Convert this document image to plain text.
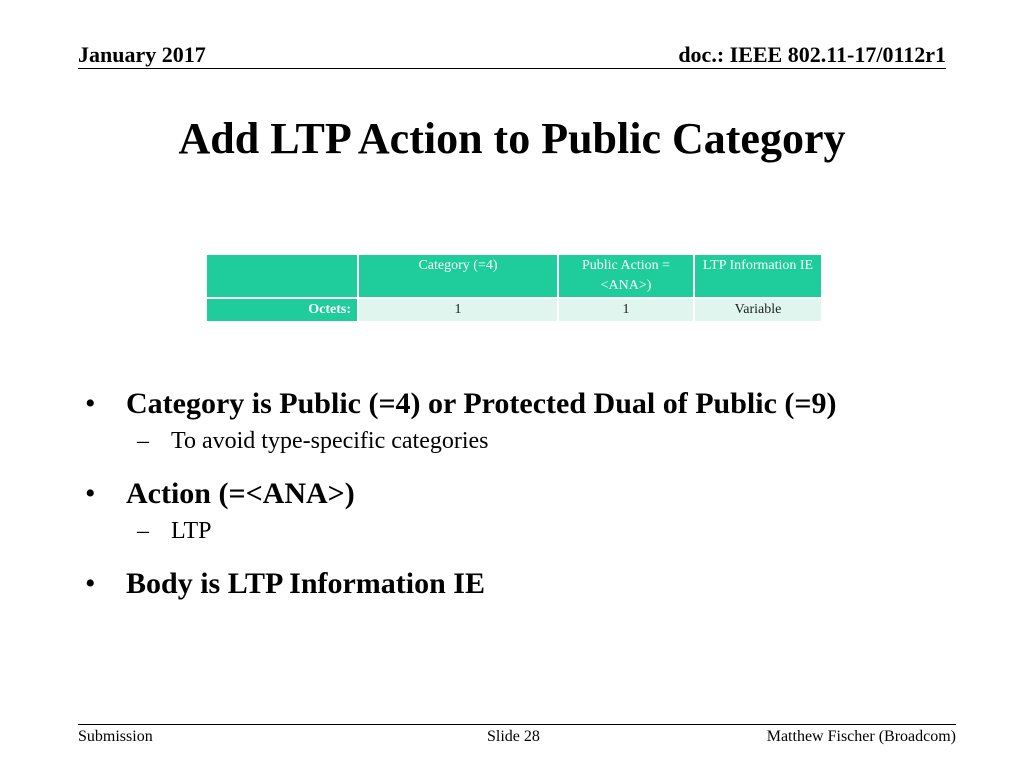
January 2017	doc.: IEEE 802.11-17/0112r1
Add LTP Action to Public Category
	Category (=4)	Public Action = <ANA>)	LTP Information IE
Octets:	1	1	Variable
• Category is Public (=4) or Protected Dual of Public (=9)
– To avoid type-specific categories
• Action (=<ANA>)
– LTP
• Body is LTP Information IE
Submission	Slide 28	Matthew Fischer (Broadcom)
